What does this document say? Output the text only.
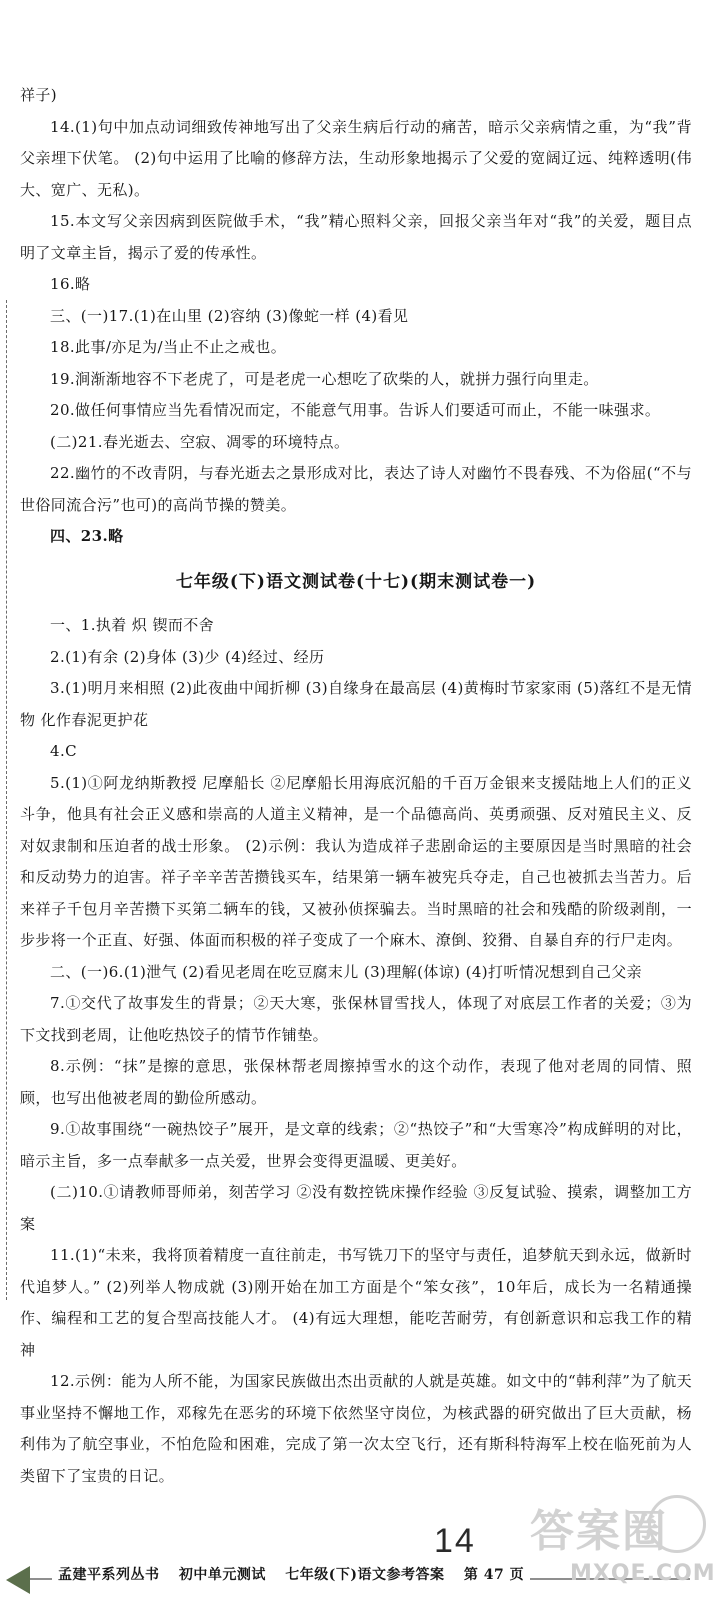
祥子)

14.(1)句中加点动词细致传神地写出了父亲生病后行动的痛苦，暗示父亲病情之重，为“我”背父亲埋下伏笔。 (2)句中运用了比喻的修辞方法，生动形象地揭示了父爱的宽阔辽远、纯粹透明(伟大、宽广、无私)。

15.本文写父亲因病到医院做手术，“我”精心照料父亲，回报父亲当年对“我”的关爱，题目点明了文章主旨，揭示了爱的传承性。

16.略

三、(一)17.(1)在山里 (2)容纳 (3)像蛇一样 (4)看见

18.此事/亦足为/当止不止之戒也。

19.涧渐渐地容不下老虎了，可是老虎一心想吃了砍柴的人，就拼力强行向里走。

20.做任何事情应当先看情况而定，不能意气用事。告诉人们要适可而止，不能一味强求。

(二)21.春光逝去、空寂、凋零的环境特点。

22.幽竹的不改青阴，与春光逝去之景形成对比，表达了诗人对幽竹不畏春残、不为俗屈(“不与世俗同流合污”也可)的高尚节操的赞美。

四、23.略

七年级(下)语文测试卷(十七)(期末测试卷一)

一、1.执着 炽 锲而不舍

2.(1)有余 (2)身体 (3)少 (4)经过、经历

3.(1)明月来相照 (2)此夜曲中闻折柳 (3)自缘身在最高层 (4)黄梅时节家家雨 (5)落红不是无情物 化作春泥更护花

4.C

5.(1)①阿龙纳斯教授 尼摩船长 ②尼摩船长用海底沉船的千百万金银来支援陆地上人们的正义斗争，他具有社会正义感和崇高的人道主义精神，是一个品德高尚、英勇顽强、反对殖民主义、反对奴隶制和压迫者的战士形象。 (2)示例：我认为造成祥子悲剧命运的主要原因是当时黑暗的社会和反动势力的迫害。祥子辛辛苦苦攒钱买车，结果第一辆车被宪兵夺走，自己也被抓去当苦力。后来祥子千包月辛苦攒下买第二辆车的钱，又被孙侦探骗去。当时黑暗的社会和残酷的阶级剥削，一步步将一个正直、好强、体面而积极的祥子变成了一个麻木、潦倒、狡猾、自暴自弃的行尸走肉。

二、(一)6.(1)泄气 (2)看见老周在吃豆腐末儿 (3)理解(体谅) (4)打听情况想到自己父亲

7.①交代了故事发生的背景；②天大寒，张保林冒雪找人，体现了对底层工作者的关爱；③为下文找到老周，让他吃热饺子的情节作铺垫。

8.示例：“抹”是擦的意思，张保林帮老周擦掉雪水的这个动作，表现了他对老周的同情、照顾，也写出他被老周的勤俭所感动。

9.①故事围绕“一碗热饺子”展开，是文章的线索；②“热饺子”和“大雪寒冷”构成鲜明的对比，暗示主旨，多一点奉献多一点关爱，世界会变得更温暖、更美好。

(二)10.①请教师哥师弟，刻苦学习 ②没有数控铣床操作经验 ③反复试验、摸索，调整加工方案

11.(1)“未来，我将顶着精度一直往前走，书写铣刀下的坚守与责任，追梦航天到永远，做新时代追梦人。” (2)列举人物成就 (3)刚开始在加工方面是个“笨女孩”，10年后，成长为一名精通操作、编程和工艺的复合型高技能人才。 (4)有远大理想，能吃苦耐劳，有创新意识和忘我工作的精神

12.示例：能为人所不能，为国家民族做出杰出贡献的人就是英雄。如文中的“韩利萍”为了航天事业坚持不懈地工作，邓稼先在恶劣的环境下依然坚守岗位，为核武器的研究做出了巨大贡献，杨利伟为了航空事业，不怕危险和困难，完成了第一次太空飞行，还有斯科特海军上校在临死前为人类留下了宝贵的日记。

14
孟建平系列丛书 初中单元测试 七年级(下)语文参考答案 第 47 页
答案圈
MXQE.COM
